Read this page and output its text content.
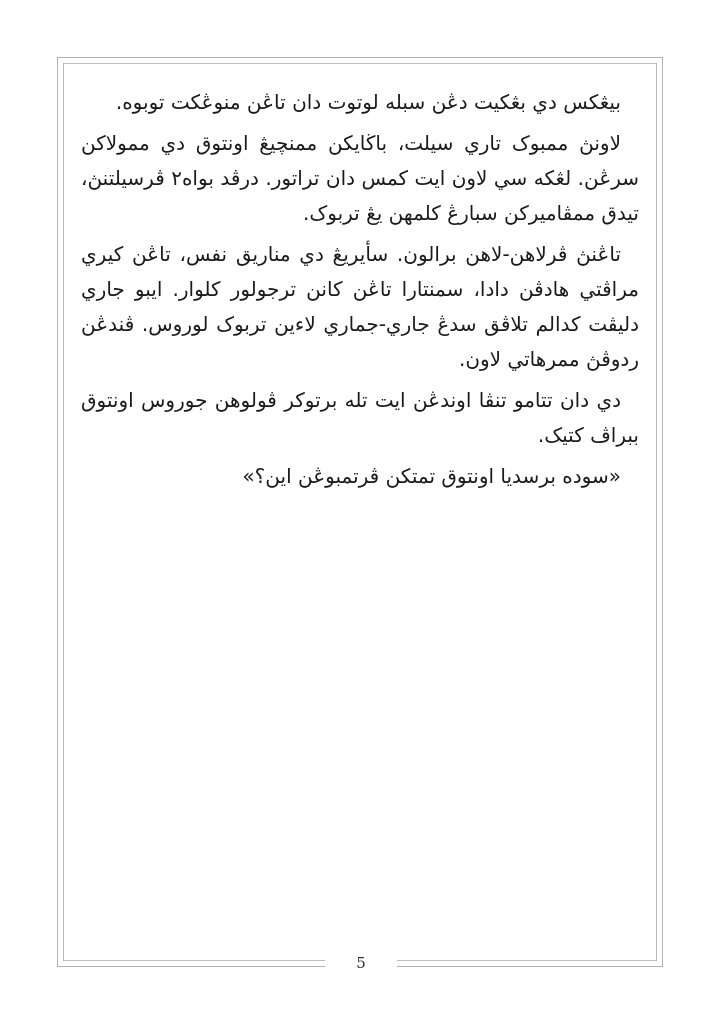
بيڠكس دي بڠكيت دڠن سبله لوتوت دان تاڠن منوڠكت توبوه.

لاونڽ ممبوک تاري سيلت، باڬايكن ممنچيڠ اونتوق دي ممولاكن سرڠن. لڠكه سي لاون ايت كمس دان تراتور. درڤد بواه٢ ڤرسيلتنڽ، تيدق ممڤاميركن سبارڠ كلمهن يڠ تربوک.

تاڠنڽ ڤرلاهن-لاهن برالون. سأيريڠ دي مناريق نفس، تاڠن كيري مراڤتي هادڤن دادا، سمنتارا تاڠن كانن ترجولور كلوار. ايبو جاري دليڤت كدالم تلاڤق سدڠ جاري-جماري لاءين تربوک لوروس. ڤندڠن ردوڤڽ ممرهاتي لاون.

دي دان تتامو تنڤا اوندڠن ايت تله برتوكر ڤولوهن جوروس اونتوق ببراڤ كتيک.

«سوده برسديا اونتوق تمتكن ڤرتمبوڠن اين؟»

5
